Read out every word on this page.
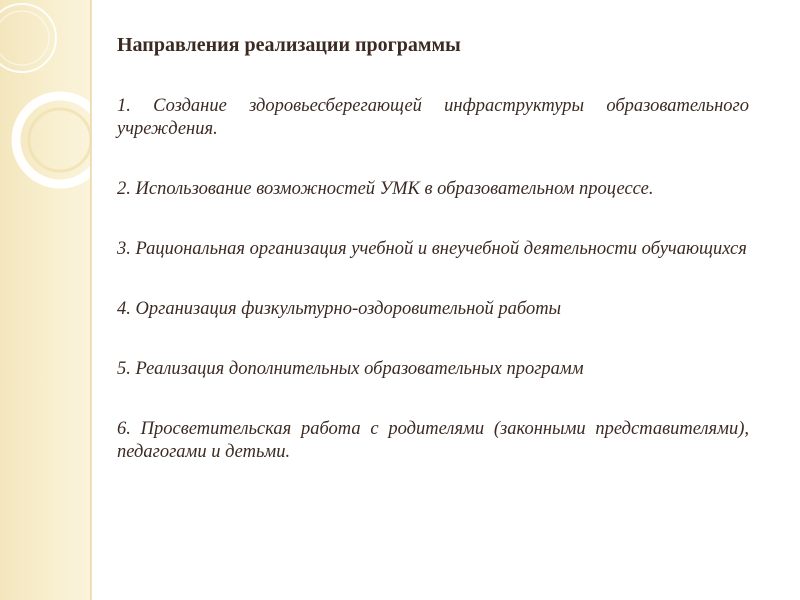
Направления реализации программы

1. Создание здоровьесберегающей инфраструктуры образовательного учреждения.

2. Использование возможностей УМК в образовательном процессе.

3. Рациональная организация учебной и внеучебной деятельности обучающихся

4. Организация физкультурно-оздоровительной работы

5. Реализация дополнительных образовательных программ

6. Просветительская работа с родителями (законными представителями), педагогами и детьми.
